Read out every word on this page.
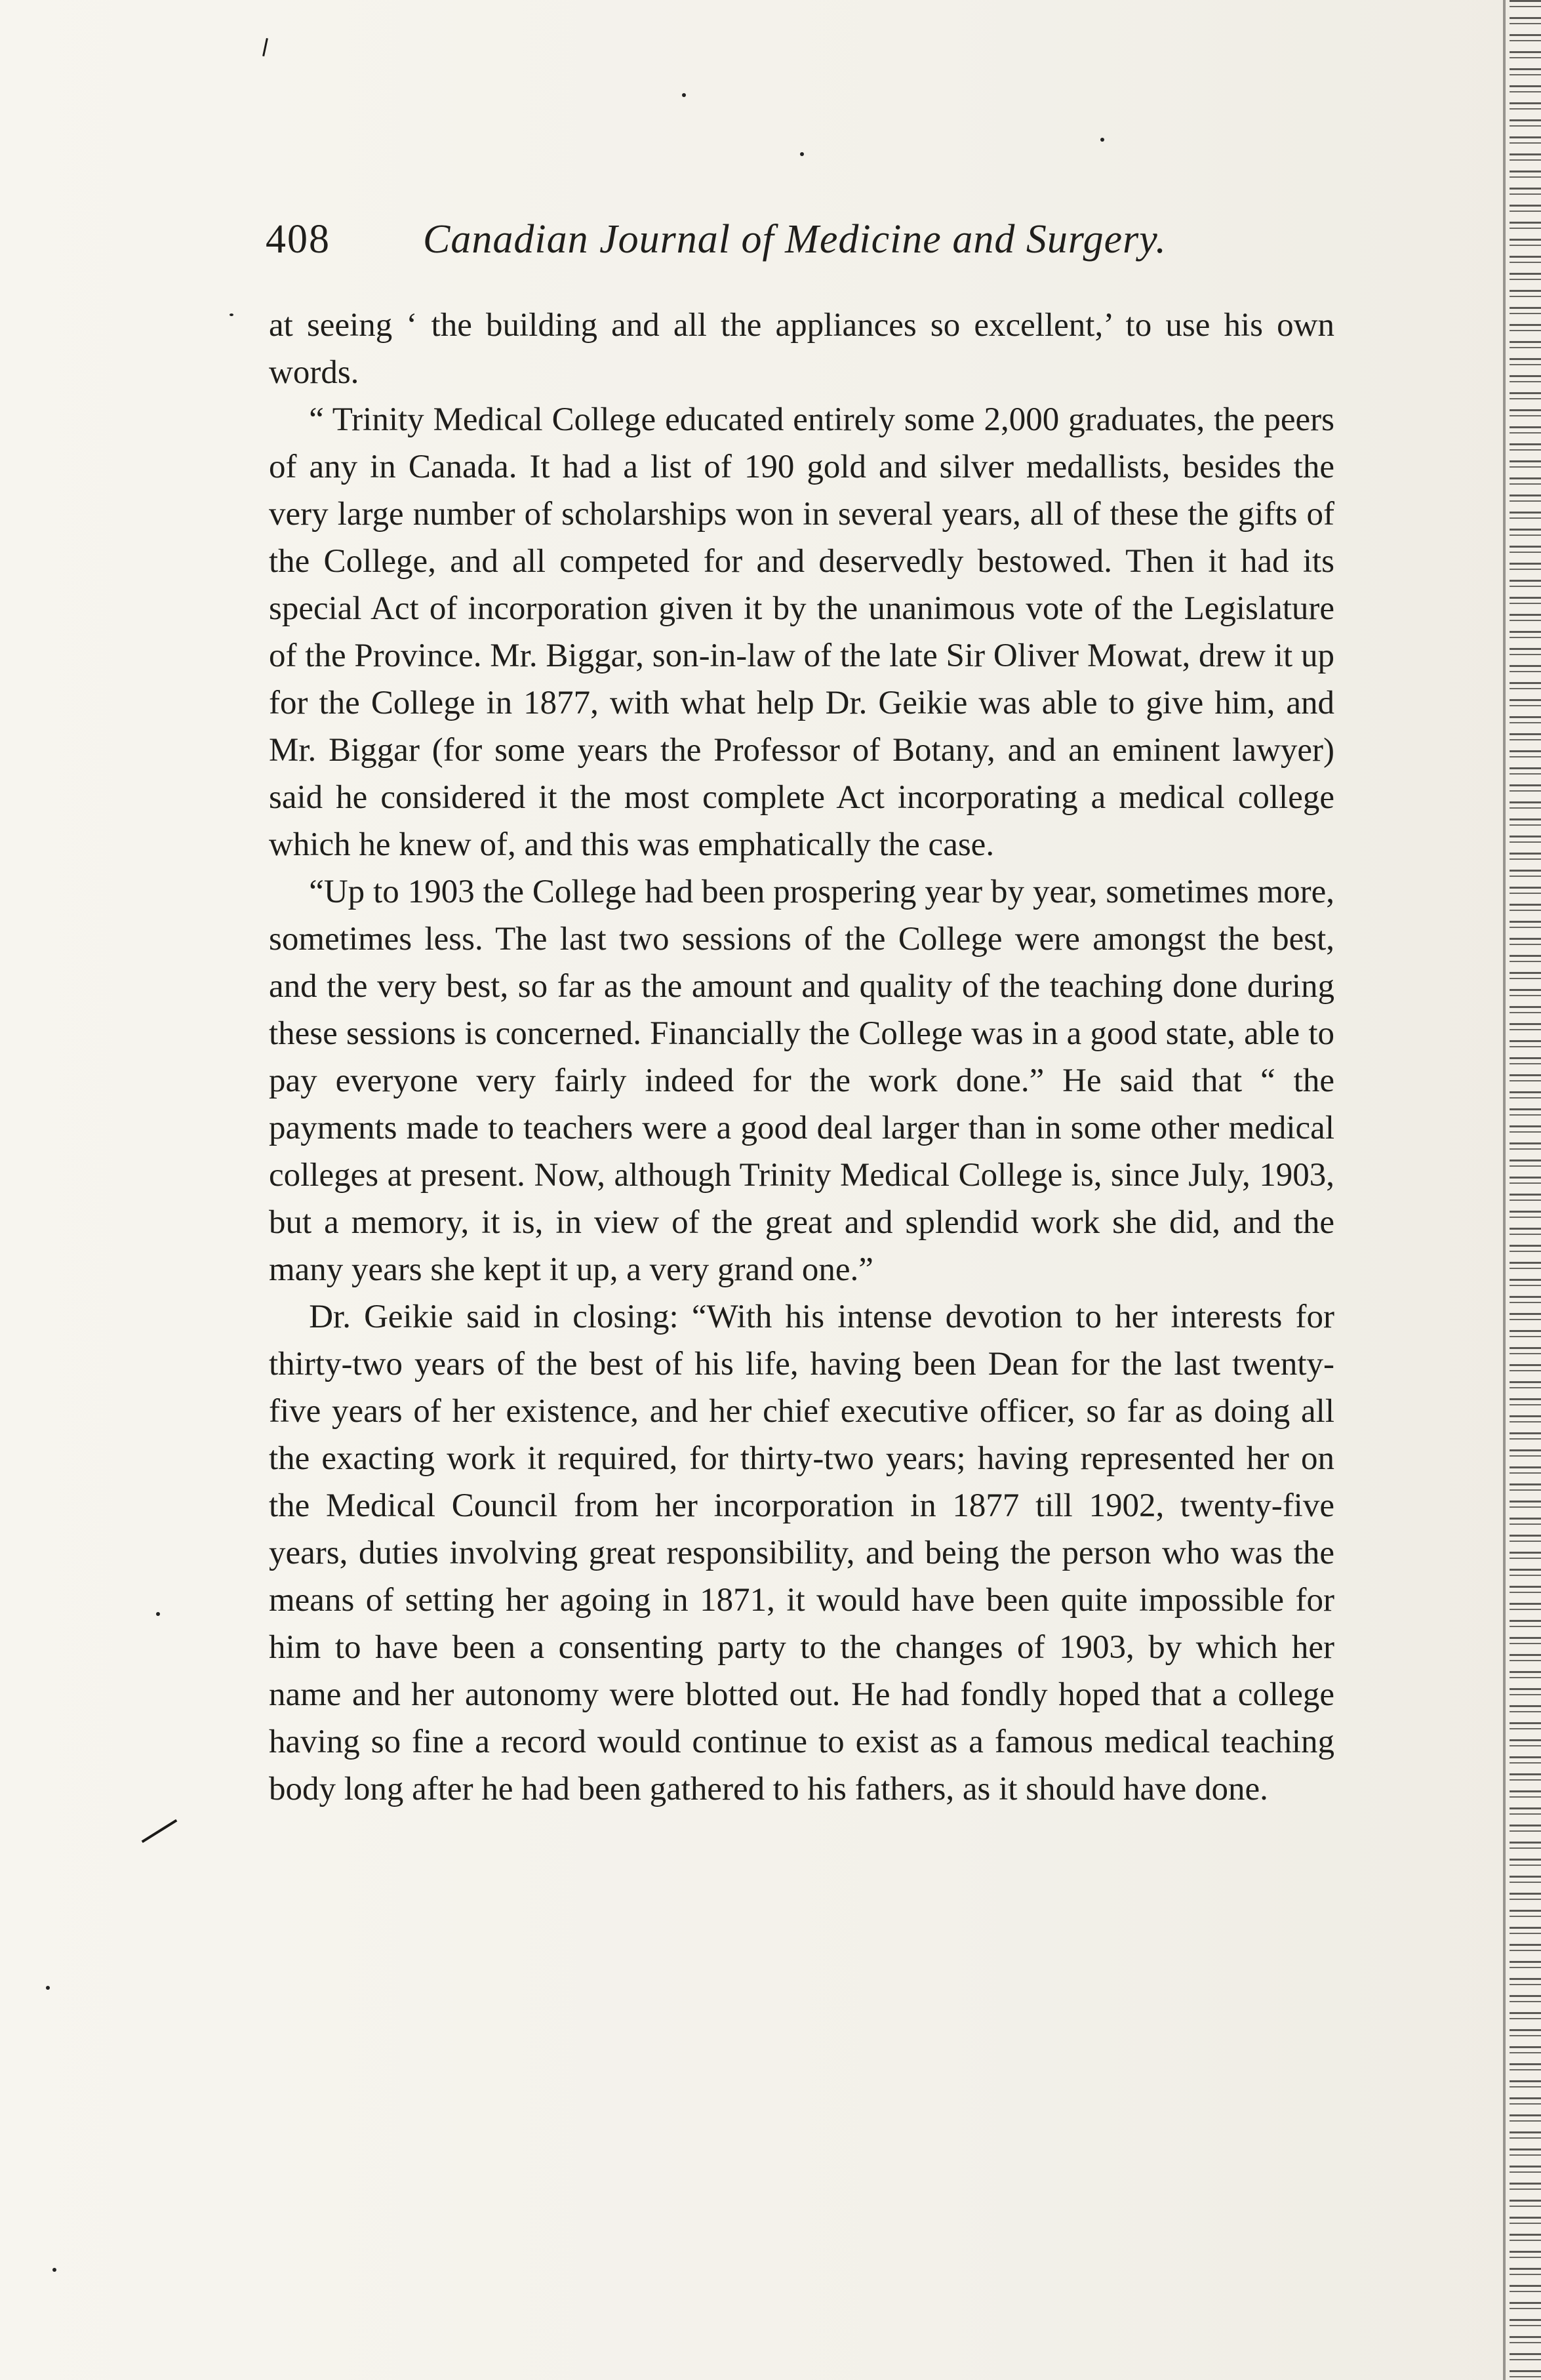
408 Canadian Journal of Medicine and Surgery.

at seeing ‘ the building and all the appliances so excellent,’ to use his own words.

“ Trinity Medical College educated entirely some 2,000 graduates, the peers of any in Canada. It had a list of 190 gold and silver medallists, besides the very large number of scholarships won in several years, all of these the gifts of the College, and all competed for and deservedly bestowed. Then it had its special Act of incorporation given it by the unanimous vote of the Legislature of the Province. Mr. Biggar, son-in-law of the late Sir Oliver Mowat, drew it up for the College in 1877, with what help Dr. Geikie was able to give him, and Mr. Biggar (for some years the Professor of Botany, and an eminent lawyer) said he considered it the most complete Act incorporating a medical college which he knew of, and this was emphatically the case.

“Up to 1903 the College had been prospering year by year, sometimes more, sometimes less. The last two sessions of the College were amongst the best, and the very best, so far as the amount and quality of the teaching done during these sessions is concerned. Financially the College was in a good state, able to pay everyone very fairly indeed for the work done.” He said that “ the payments made to teachers were a good deal larger than in some other medical colleges at present. Now, although Trinity Medical College is, since July, 1903, but a memory, it is, in view of the great and splendid work she did, and the many years she kept it up, a very grand one.”

Dr. Geikie said in closing: “With his intense devotion to her interests for thirty-two years of the best of his life, having been Dean for the last twenty-five years of her existence, and her chief executive officer, so far as doing all the exacting work it required, for thirty-two years; having represented her on the Medical Council from her incorporation in 1877 till 1902, twenty-five years, duties involving great responsibility, and being the person who was the means of setting her agoing in 1871, it would have been quite impossible for him to have been a consenting party to the changes of 1903, by which her name and her autonomy were blotted out. He had fondly hoped that a college having so fine a record would continue to exist as a famous medical teaching body long after he had been gathered to his fathers, as it should have done.
